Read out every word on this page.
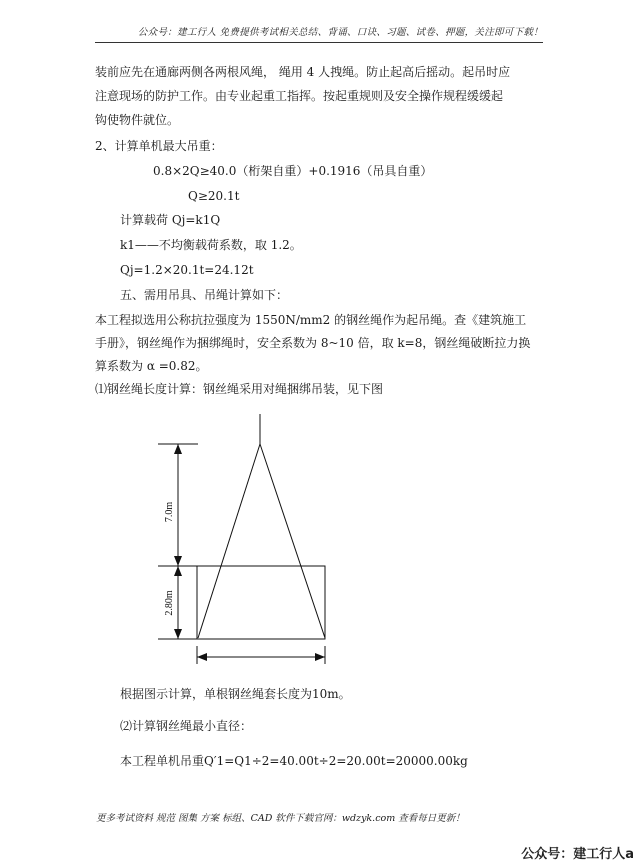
公众号：建工行人 免费提供考试相关总结、背诵、口诀、习题、试卷、押题，关注即可下载！
装前应先在通廊两侧各两根风绳， 绳用 4 人拽绳。防止起高后摇动。起吊时应
注意现场的防护工作。由专业起重工指挥。按起重规则及安全操作规程缓缓起
钩使物件就位。
2、计算单机最大吊重：
0.8×2Q≥40.0（桁架自重）+0.1916（吊具自重）
Q≥20.1t
计算载荷 Qj=k1Q
k1——不均衡载荷系数，取 1.2。
Qj=1.2×20.1t=24.12t
五、需用吊具、吊绳计算如下：
本工程拟选用公称抗拉强度为 1550N/mm2 的钢丝绳作为起吊绳。查《建筑施工
手册》，钢丝绳作为捆绑绳时，安全系数为 8~10 倍，取 k=8，钢丝绳破断拉力换
算系数为 α =0.82。
⑴钢丝绳长度计算：钢丝绳采用对绳捆绑吊装，见下图
7.0m
2.80m
根据图示计算，单根钢丝绳套长度为10m。
⑵计算钢丝绳最小直径：
本工程单机吊重Q′1=Q1÷2=40.00t÷2=20.00t=20000.00kg
更多考试资料 规范 图集 方案 标组、CAD 软件下载官网：wdzyk.com 查看每日更新！
公众号：建工行人a
